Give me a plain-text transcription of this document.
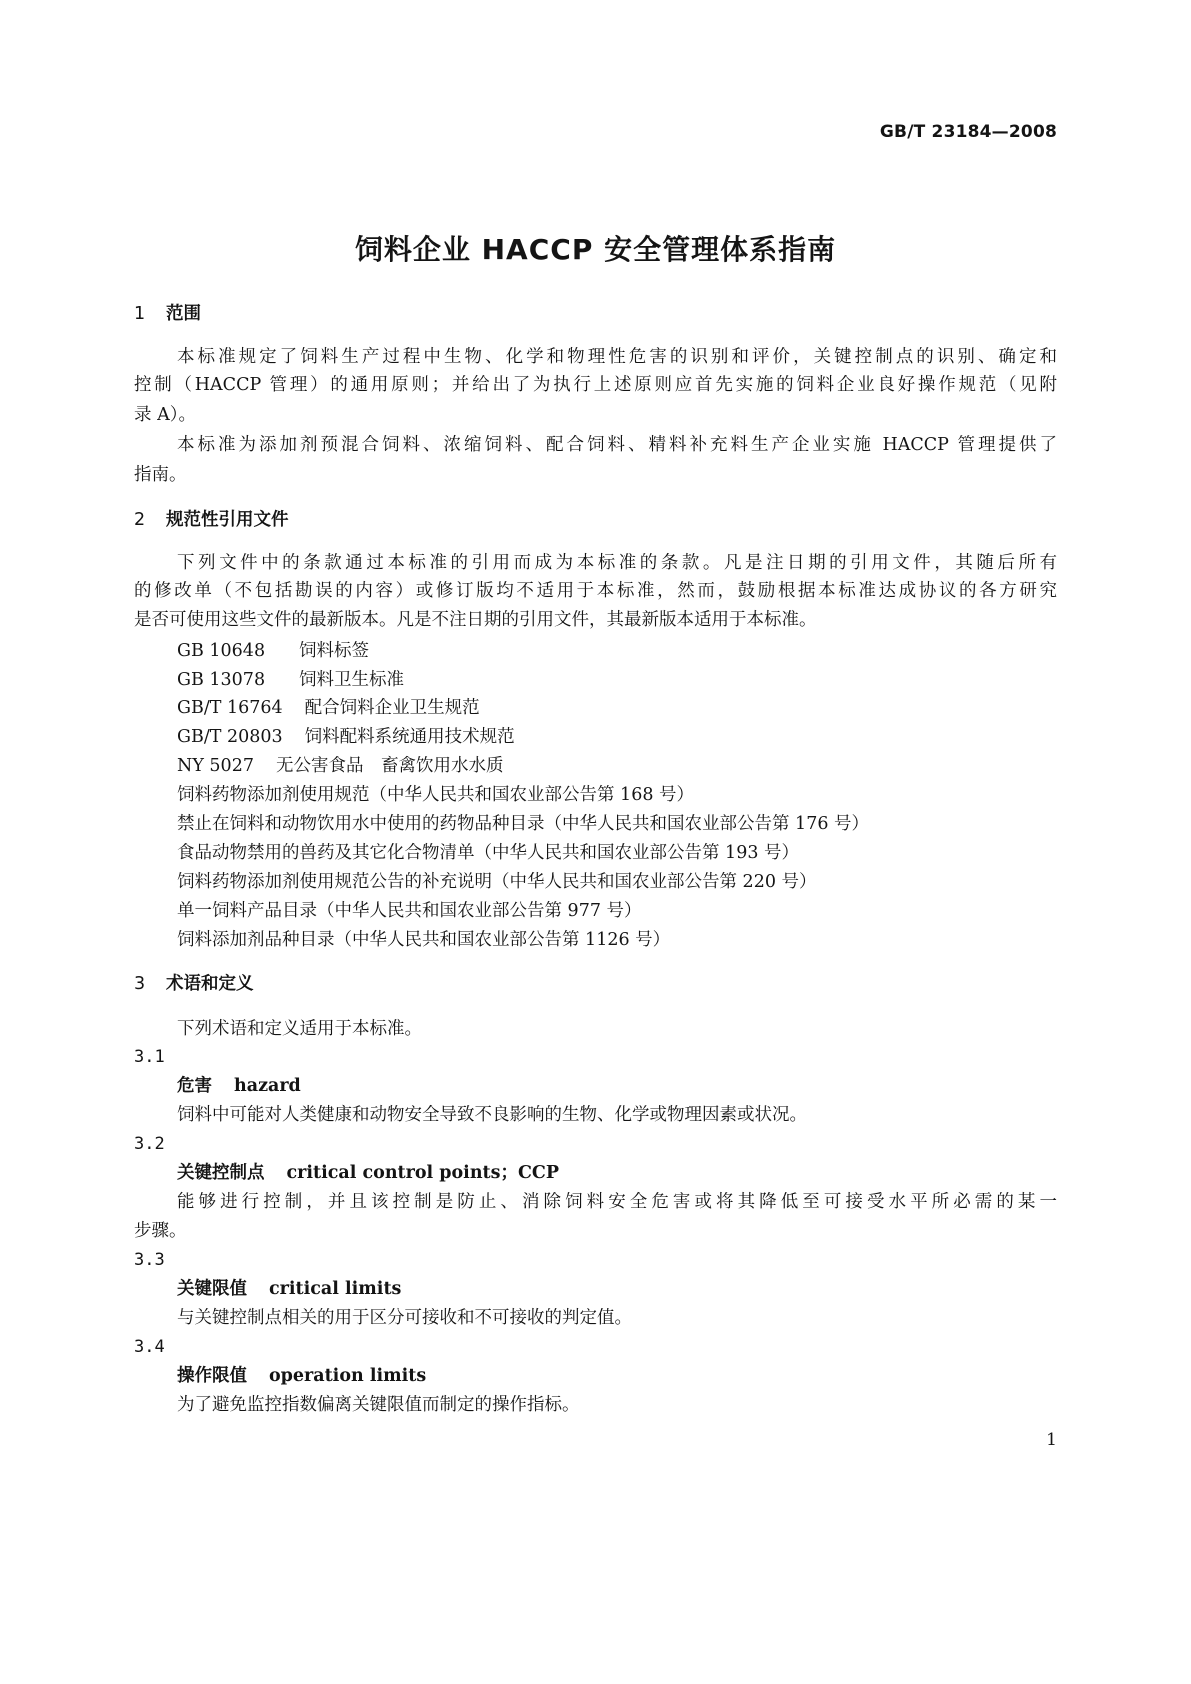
GB/T 23184—2008
饲料企业 HACCP 安全管理体系指南
1 范围

本标准规定了饲料生产过程中生物、化学和物理性危害的识别和评价，关键控制点的识别、确定和

控制（HACCP 管理）的通用原则；并给出了为执行上述原则应首先实施的饲料企业良好操作规范（见附

录 A）。

本标准为添加剂预混合饲料、浓缩饲料、配合饲料、精料补充料生产企业实施 HACCP 管理提供了

指南。

2 规范性引用文件

下列文件中的条款通过本标准的引用而成为本标准的条款。凡是注日期的引用文件，其随后所有

的修改单（不包括勘误的内容）或修订版均不适用于本标准，然而，鼓励根据本标准达成协议的各方研究

是否可使用这些文件的最新版本。凡是不注日期的引用文件，其最新版本适用于本标准。

GB 10648 饲料标签
GB 13078 饲料卫生标准
GB/T 16764 配合饲料企业卫生规范
GB/T 20803 饲料配料系统通用技术规范
NY 5027 无公害食品　畜禽饮用水水质

饲料药物添加剂使用规范（中华人民共和国农业部公告第 168 号）

禁止在饲料和动物饮用水中使用的药物品种目录（中华人民共和国农业部公告第 176 号）

食品动物禁用的兽药及其它化合物清单（中华人民共和国农业部公告第 193 号）

饲料药物添加剂使用规范公告的补充说明（中华人民共和国农业部公告第 220 号）

单一饲料产品目录（中华人民共和国农业部公告第 977 号）

饲料添加剂品种目录（中华人民共和国农业部公告第 1126 号）

3 术语和定义

下列术语和定义适用于本标准。

3.1
危害 hazard

饲料中可能对人类健康和动物安全导致不良影响的生物、化学或物理因素或状况。

3.2
关键控制点 critical control points；CCP

能够进行控制，并且该控制是防止、消除饲料安全危害或将其降低至可接受水平所必需的某一

步骤。

3.3
关键限值 critical limits

与关键控制点相关的用于区分可接收和不可接收的判定值。

3.4
操作限值 operation limits

为了避免监控指数偏离关键限值而制定的操作指标。

1
